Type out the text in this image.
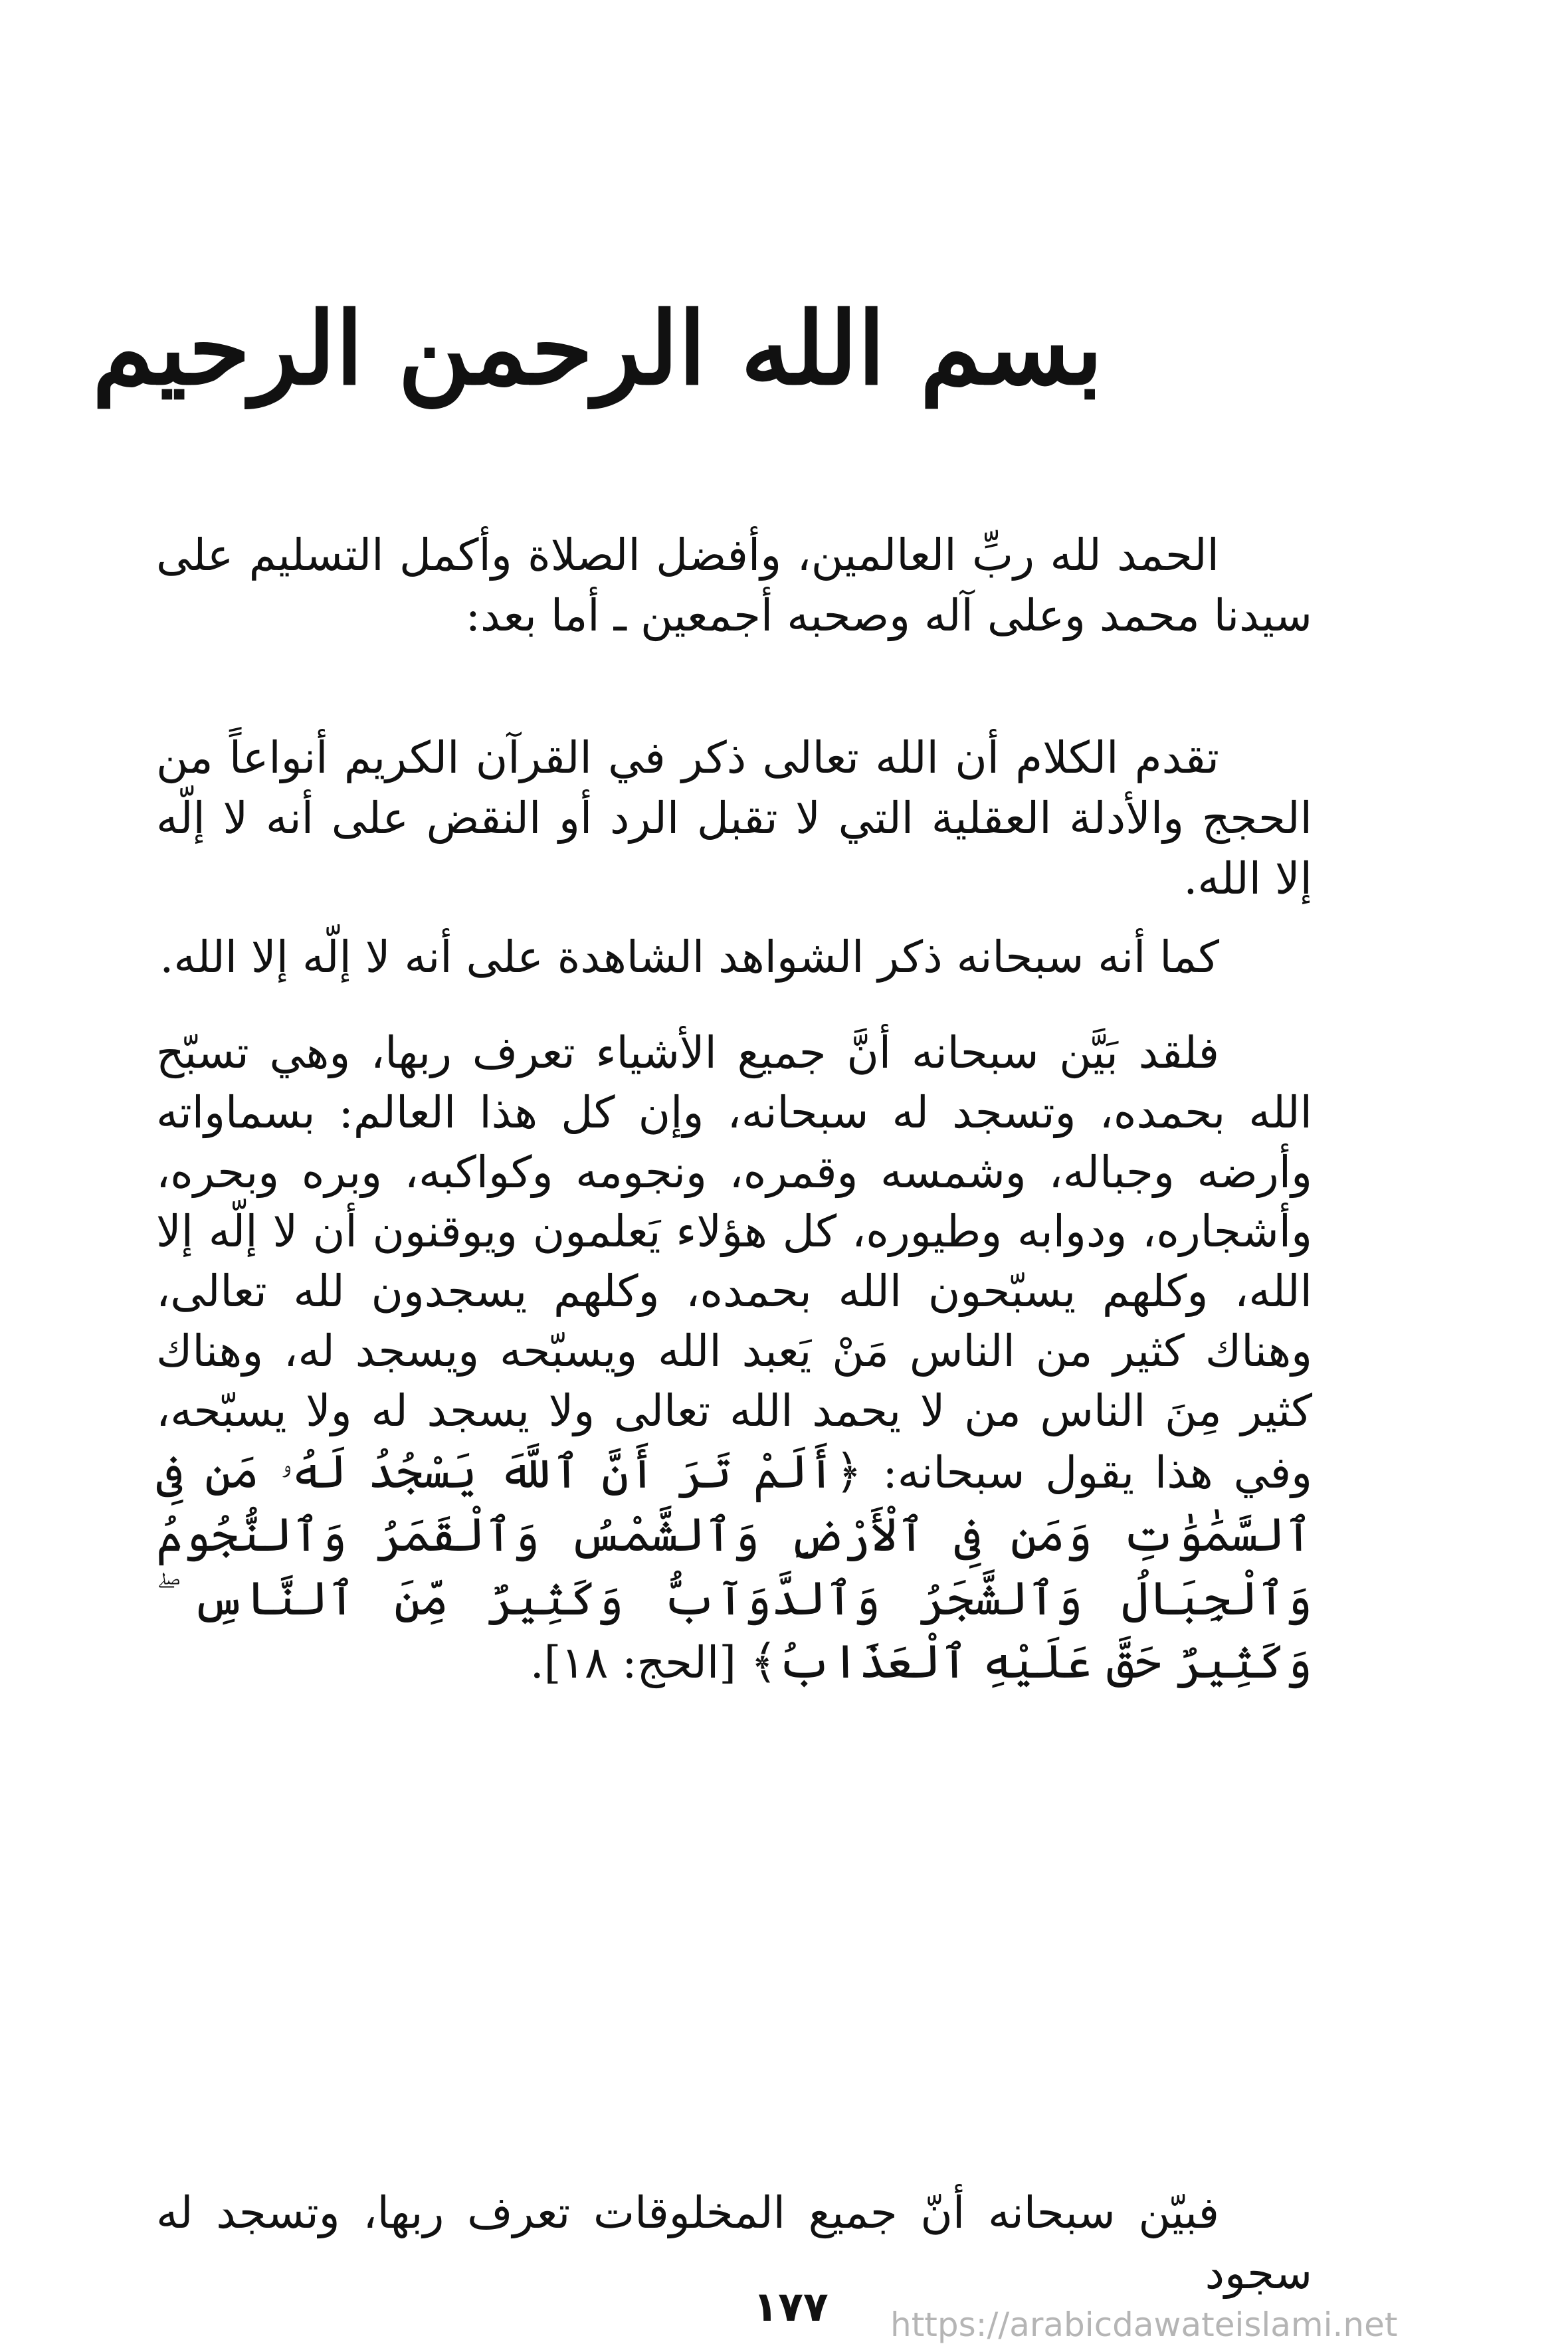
بسم الله الرحمن الرحيم
الحمد لله ربِّ العالمين، وأفضل الصلاة وأكمل التسليم على سيدنا محمد وعلى آله وصحبه أجمعين ـ أما بعد:
تقدم الكلام أن الله تعالى ذكر في القرآن الكريم أنواعاً من الحجج والأدلة العقلية التي لا تقبل الرد أو النقض على أنه لا إلّه إلا الله.
كما أنه سبحانه ذكر الشواهد الشاهدة على أنه لا إلّه إلا الله.
فلقد بَيَّن سبحانه أنَّ جميع الأشياء تعرف ربها، وهي تسبّح الله بحمده، وتسجد له سبحانه، وإن كل هذا العالم: بسماواته وأرضه وجباله، وشمسه وقمره، ونجومه وكواكبه، وبره وبحره، وأشجاره، ودوابه وطيوره، كل هؤلاء يَعلمون ويوقنون أن لا إلّه إلا الله، وكلهم يسبّحون الله بحمده، وكلهم يسجدون لله تعالى، وهناك كثير من الناس مَنْ يَعبد الله ويسبّحه ويسجد له، وهناك كثير مِنَ الناس من لا يحمد الله تعالى ولا يسجد له ولا يسبّحه، وفي هذا يقول سبحانه: ﴿أَلَمْ تَرَ أَنَّ ٱللَّهَ يَسْجُدُ لَهُۥ مَن فِى ٱلسَّمَٰوَٰتِ وَمَن فِى ٱلْأَرْضِ وَٱلشَّمْسُ وَٱلْقَمَرُ وَٱلنُّجُومُ وَٱلْجِبَالُ وَٱلشَّجَرُ وَٱلدَّوَآبُّ وَكَثِيرٌ مِّنَ ٱلنَّاسِ ۖ وَكَثِيرٌ حَقَّ عَلَيْهِ ٱلْعَذَابُ﴾ [الحج: ١٨].
فبيّن سبحانه أنّ جميع المخلوقات تعرف ربها، وتسجد له سجود
١٧٧	https://arabicdawateislami.net
